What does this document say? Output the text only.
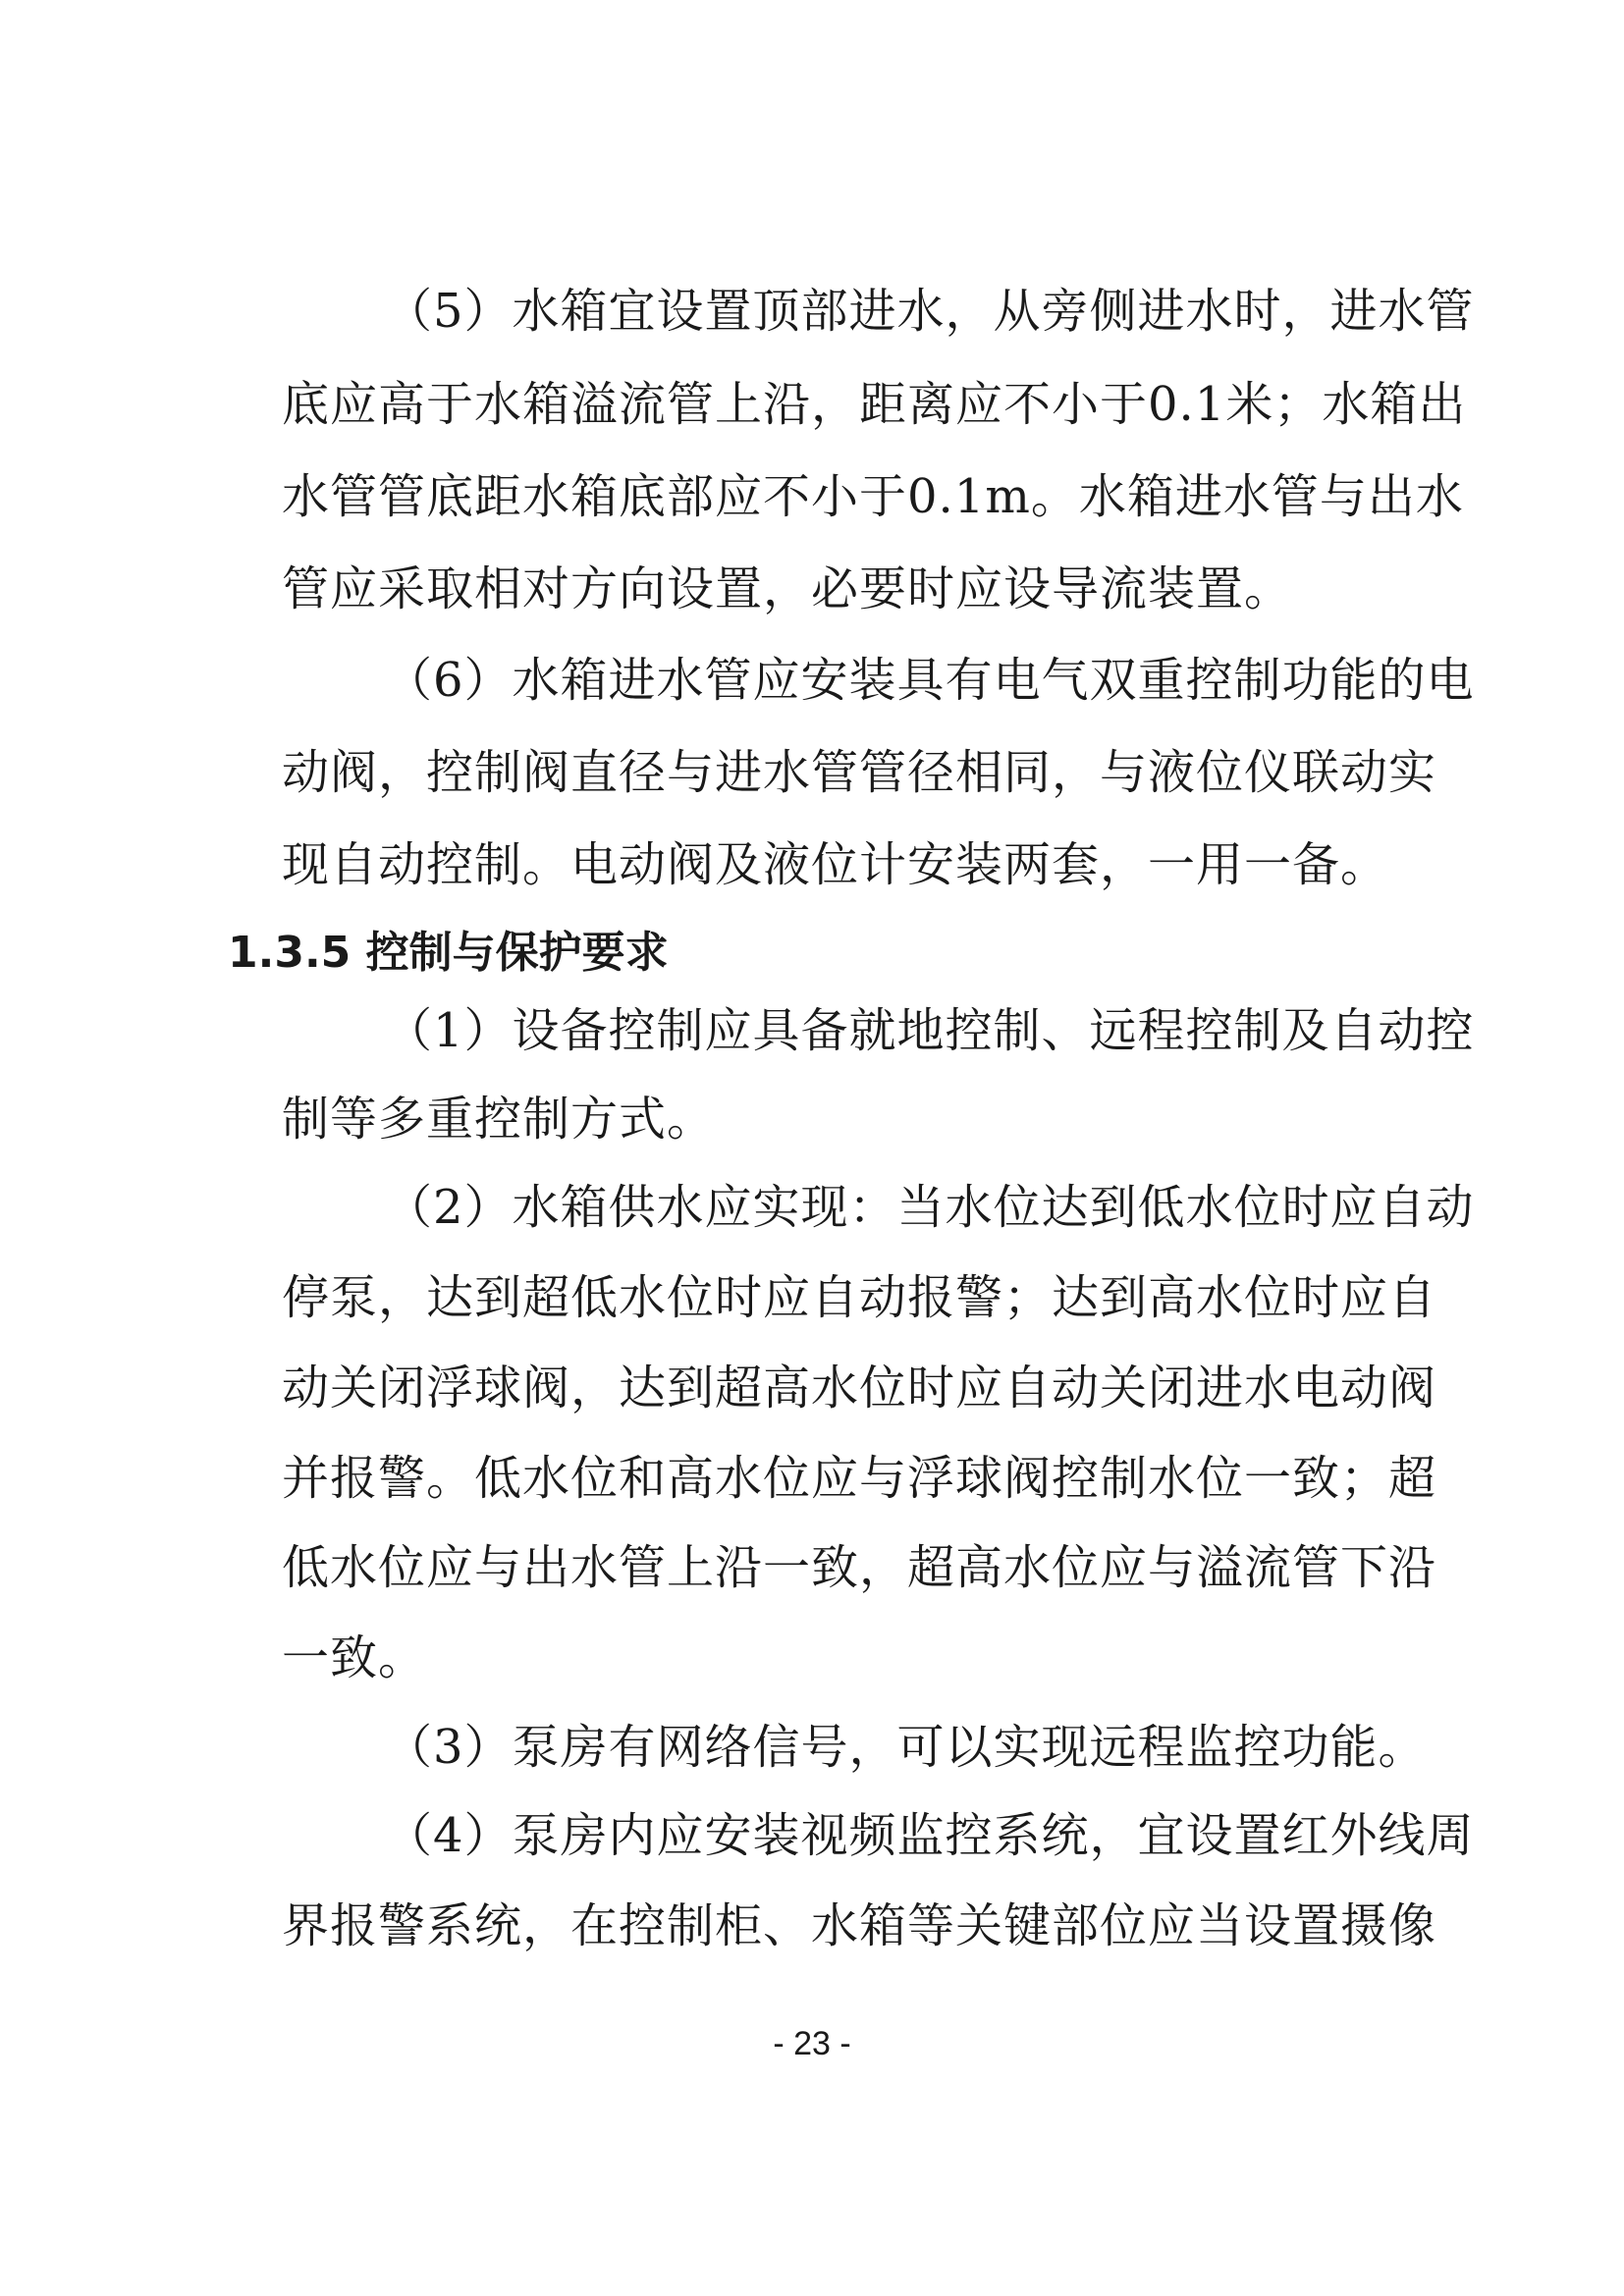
（5）水箱宜设置顶部进水，从旁侧进水时，进水管
底应高于水箱溢流管上沿，距离应不小于0.1米；水箱出
水管管底距水箱底部应不小于0.1m。水箱进水管与出水
管应采取相对方向设置，必要时应设导流装置。
（6）水箱进水管应安装具有电气双重控制功能的电
动阀，控制阀直径与进水管管径相同，与液位仪联动实
现自动控制。电动阀及液位计安装两套，一用一备。
1.3.5 控制与保护要求
（1）设备控制应具备就地控制、远程控制及自动控
制等多重控制方式。
（2）水箱供水应实现：当水位达到低水位时应自动
停泵，达到超低水位时应自动报警；达到高水位时应自
动关闭浮球阀，达到超高水位时应自动关闭进水电动阀
并报警。低水位和高水位应与浮球阀控制水位一致；超
低水位应与出水管上沿一致，超高水位应与溢流管下沿
一致。
（3）泵房有网络信号，可以实现远程监控功能。
（4）泵房内应安装视频监控系统，宜设置红外线周
界报警系统，在控制柜、水箱等关键部位应当设置摄像
- 23 -
